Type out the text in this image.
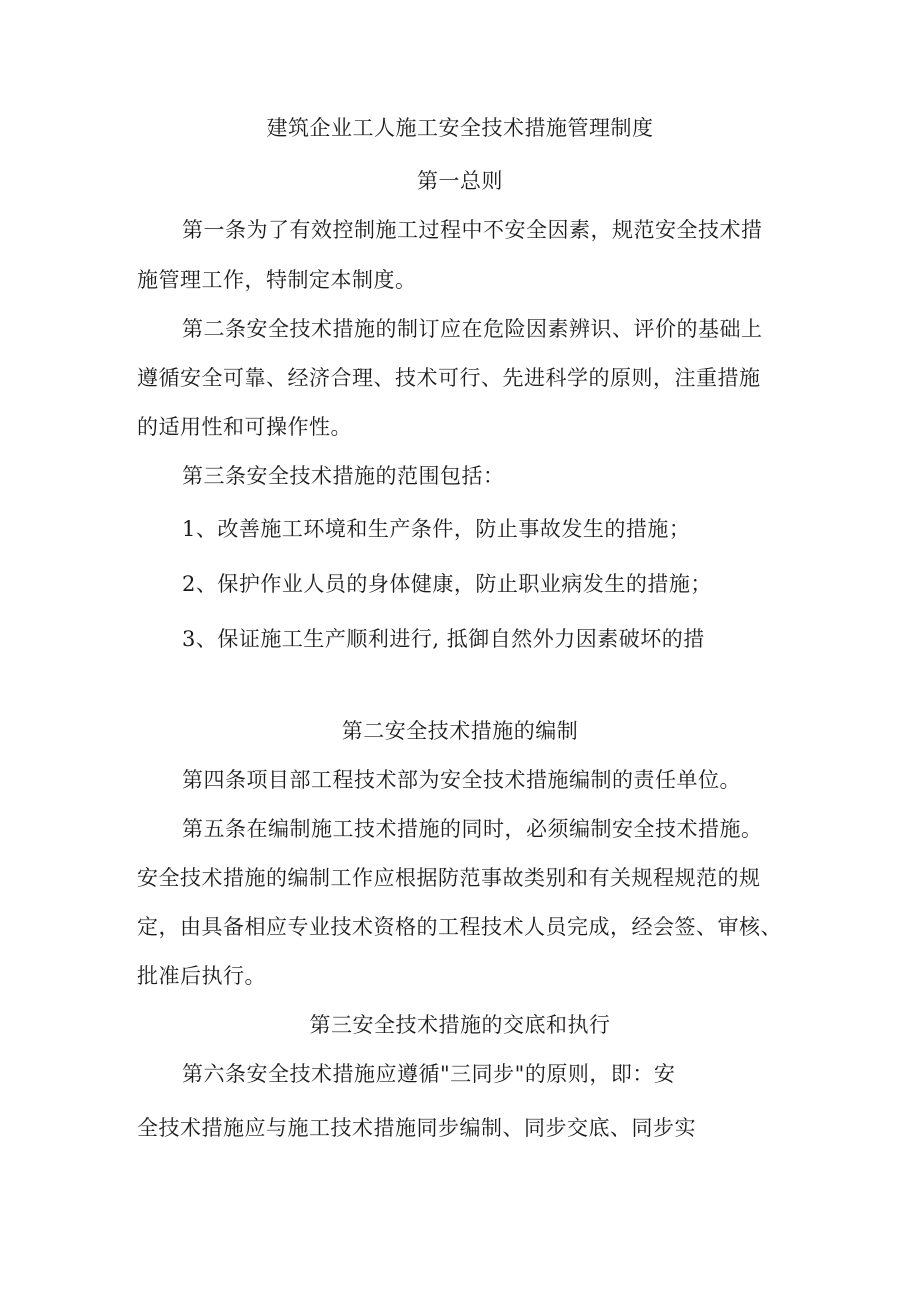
建筑企业工人施工安全技术措施管理制度
第一总则
第一条为了有效控制施工过程中不安全因素，规范安全技术措
施管理工作，特制定本制度。
第二条安全技术措施的制订应在危险因素辨识、评价的基础上
遵循安全可靠、经济合理、技术可行、先进科学的原则，注重措施
的适用性和可操作性。
第三条安全技术措施的范围包括：
1、改善施工环境和生产条件，防止事故发生的措施；
2、保护作业人员的身体健康，防止职业病发生的措施；
3、保证施工生产顺利进行, 抵御自然外力因素破坏的措
第二安全技术措施的编制
第四条项目部工程技术部为安全技术措施编制的责任单位。
第五条在编制施工技术措施的同时，必须编制安全技术措施。
安全技术措施的编制工作应根据防范事故类别和有关规程规范的规
定，由具备相应专业技术资格的工程技术人员完成，经会签、审核、
批准后执行。
第三安全技术措施的交底和执行
第六条安全技术措施应遵循"三同步"的原则，即：安
全技术措施应与施工技术措施同步编制、同步交底、同步实
